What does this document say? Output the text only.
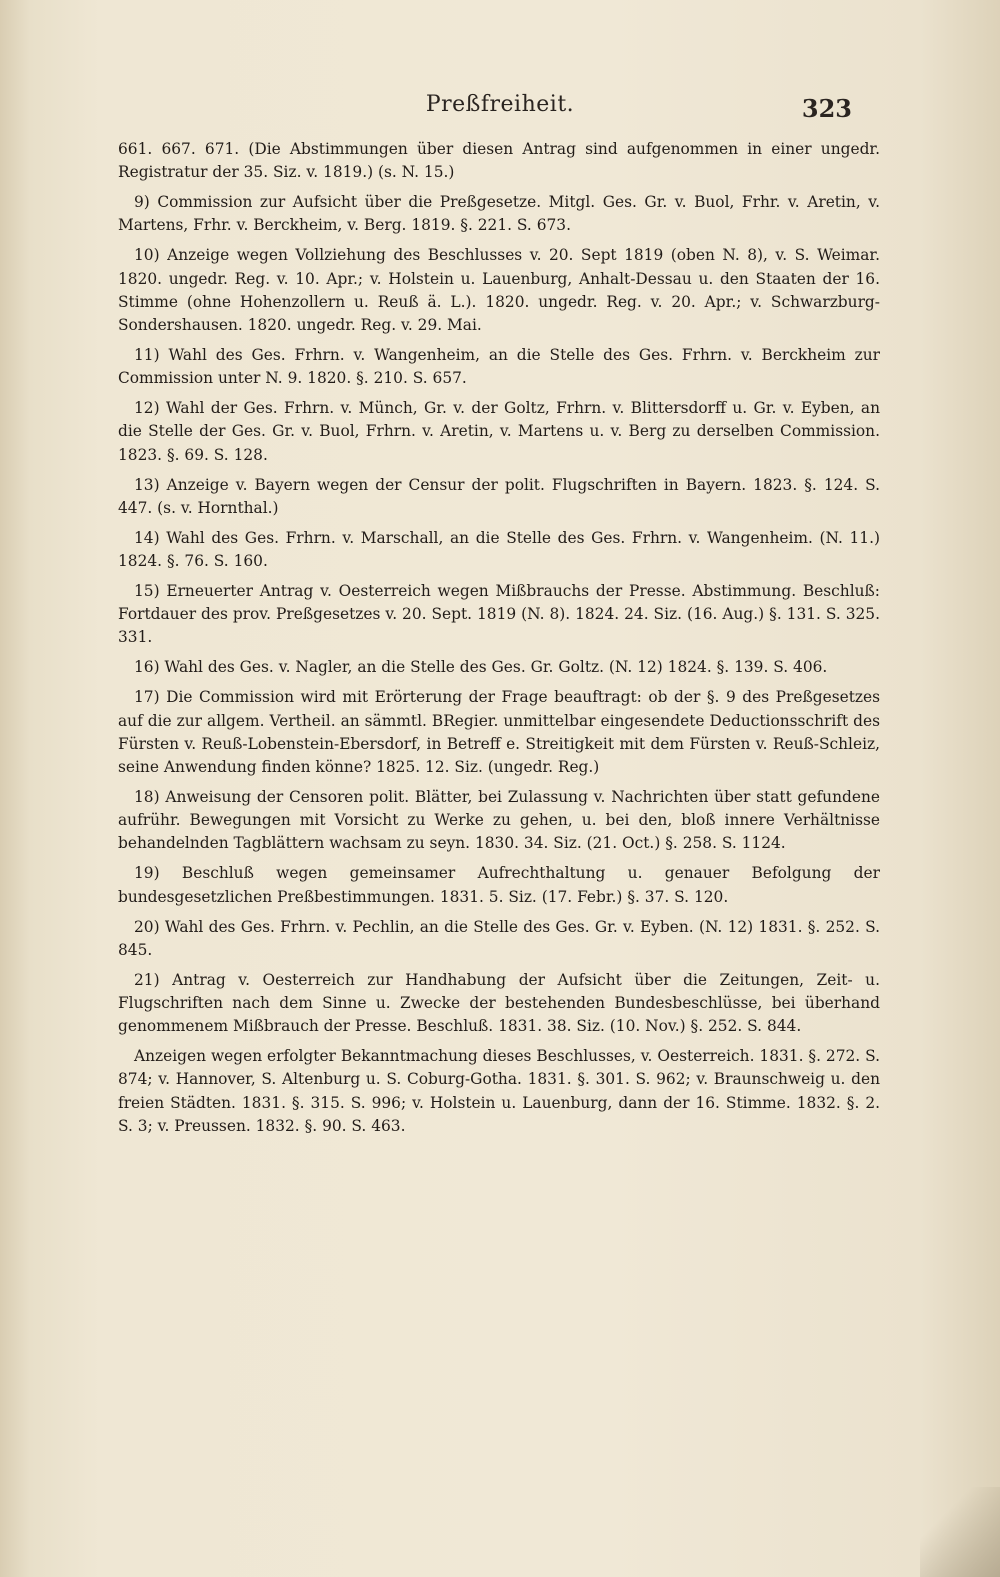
Preßfreiheit.	323

661. 667. 671. (Die Abstimmungen über diesen Antrag sind aufgenommen in einer ungedr. Registratur der 35. Siz. v. 1819.) (s. N. 15.)

9) Commission zur Aufsicht über die Preßgesetze. Mitgl. Ges. Gr. v. Buol, Frhr. v. Aretin, v. Martens, Frhr. v. Berckheim, v. Berg. 1819. §. 221. S. 673.

10) Anzeige wegen Vollziehung des Beschlusses v. 20. Sept 1819 (oben N. 8), v. S. Weimar. 1820. ungedr. Reg. v. 10. Apr.; v. Holstein u. Lauenburg, Anhalt-Dessau u. den Staaten der 16. Stimme (ohne Hohenzollern u. Reuß ä. L.). 1820. ungedr. Reg. v. 20. Apr.; v. Schwarzburg-Sondershausen. 1820. ungedr. Reg. v. 29. Mai.

11) Wahl des Ges. Frhrn. v. Wangenheim, an die Stelle des Ges. Frhrn. v. Berckheim zur Commission unter N. 9. 1820. §. 210. S. 657.

12) Wahl der Ges. Frhrn. v. Münch, Gr. v. der Goltz, Frhrn. v. Blittersdorff u. Gr. v. Eyben, an die Stelle der Ges. Gr. v. Buol, Frhrn. v. Aretin, v. Martens u. v. Berg zu derselben Commission. 1823. §. 69. S. 128.

13) Anzeige v. Bayern wegen der Censur der polit. Flugschriften in Bayern. 1823. §. 124. S. 447. (s. v. Hornthal.)

14) Wahl des Ges. Frhrn. v. Marschall, an die Stelle des Ges. Frhrn. v. Wangenheim. (N. 11.) 1824. §. 76. S. 160.

15) Erneuerter Antrag v. Oesterreich wegen Mißbrauchs der Presse. Abstimmung. Beschluß: Fortdauer des prov. Preßgesetzes v. 20. Sept. 1819 (N. 8). 1824. 24. Siz. (16. Aug.) §. 131. S. 325. 331.

16) Wahl des Ges. v. Nagler, an die Stelle des Ges. Gr. Goltz. (N. 12) 1824. §. 139. S. 406.

17) Die Commission wird mit Erörterung der Frage beauftragt: ob der §. 9 des Preßgesetzes auf die zur allgem. Vertheil. an sämmtl. BRegier. unmittelbar eingesendete Deductionsschrift des Fürsten v. Reuß-Lobenstein-Ebersdorf, in Betreff e. Streitigkeit mit dem Fürsten v. Reuß-Schleiz, seine Anwendung finden könne? 1825. 12. Siz. (ungedr. Reg.)

18) Anweisung der Censoren polit. Blätter, bei Zulassung v. Nachrichten über statt gefundene aufrühr. Bewegungen mit Vorsicht zu Werke zu gehen, u. bei den, bloß innere Verhältnisse behandelnden Tagblättern wachsam zu seyn. 1830. 34. Siz. (21. Oct.) §. 258. S. 1124.

19) Beschluß wegen gemeinsamer Aufrechthaltung u. genauer Befolgung der bundesgesetzlichen Preßbestimmungen. 1831. 5. Siz. (17. Febr.) §. 37. S. 120.

20) Wahl des Ges. Frhrn. v. Pechlin, an die Stelle des Ges. Gr. v. Eyben. (N. 12) 1831. §. 252. S. 845.

21) Antrag v. Oesterreich zur Handhabung der Aufsicht über die Zeitungen, Zeit- u. Flugschriften nach dem Sinne u. Zwecke der bestehenden Bundesbeschlüsse, bei überhand genommenem Mißbrauch der Presse. Beschluß. 1831. 38. Siz. (10. Nov.) §. 252. S. 844.

Anzeigen wegen erfolgter Bekanntmachung dieses Beschlusses, v. Oesterreich. 1831. §. 272. S. 874; v. Hannover, S. Altenburg u. S. Coburg-Gotha. 1831. §. 301. S. 962; v. Braunschweig u. den freien Städten. 1831. §. 315. S. 996; v. Holstein u. Lauenburg, dann der 16. Stimme. 1832. §. 2. S. 3; v. Preussen. 1832. §. 90. S. 463.
